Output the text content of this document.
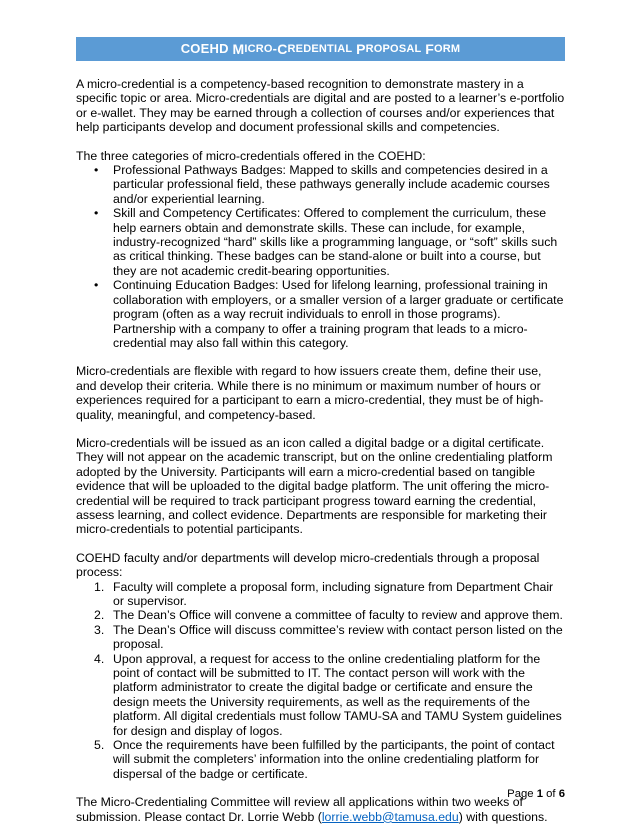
COEHD
M ICRO - C REDENTIAL
P ROPOSAL
F ORM

A micro-credential is a competency-based recognition to demonstrate mastery in a specific topic or area. Micro-credentials are digital and are posted to a learner’s e-portfolio or e-wallet. They may be earned through a collection of courses and/or experiences that help participants develop and document professional skills and competencies.

The three categories of micro-credentials offered in the COEHD:

• Professional Pathways Badges: Mapped to skills and competencies desired in a particular professional field, these pathways generally include academic courses and/or experiential learning.
• Skill and Competency Certificates: Offered to complement the curriculum, these help earners obtain and demonstrate skills. These can include, for example, industry-recognized “hard” skills like a programming language, or “soft” skills such as critical thinking. These badges can be stand-alone or built into a course, but they are not academic credit-bearing opportunities.
• Continuing Education Badges: Used for lifelong learning, professional training in collaboration with employers, or a smaller version of a larger graduate or certificate program (often as a way recruit individuals to enroll in those programs). Partnership with a company to offer a training program that leads to a micro-credential may also fall within this category.

Micro-credentials are flexible with regard to how issuers create them, define their use, and develop their criteria. While there is no minimum or maximum number of hours or experiences required for a participant to earn a micro-credential, they must be of high-quality, meaningful, and competency-based.

Micro-credentials will be issued as an icon called a digital badge or a digital certificate. They will not appear on the academic transcript, but on the online credentialing platform adopted by the University. Participants will earn a micro-credential based on tangible evidence that will be uploaded to the digital badge platform. The unit offering the micro-credential will be required to track participant progress toward earning the credential, assess learning, and collect evidence. Departments are responsible for marketing their micro-credentials to potential participants.

COEHD faculty and/or departments will develop micro-credentials through a proposal process:

1. Faculty will complete a proposal form, including signature from Department Chair or supervisor.
2. The Dean’s Office will convene a committee of faculty to review and approve them.
3. The Dean’s Office will discuss committee’s review with contact person listed on the proposal.
4. Upon approval, a request for access to the online credentialing platform for the point of contact will be submitted to IT. The contact person will work with the platform administrator to create the digital badge or certificate and ensure the design meets the University requirements, as well as the requirements of the platform. All digital credentials must follow TAMU-SA and TAMU System guidelines for design and display of logos.
5. Once the requirements have been fulfilled by the participants, the point of contact will submit the completers’ information into the online credentialing platform for dispersal of the badge or certificate.

The Micro-Credentialing Committee will review all applications within two weeks of submission. Please contact Dr. Lorrie Webb (lorrie.webb@tamusa.edu) with questions.

Page 1 of 6
